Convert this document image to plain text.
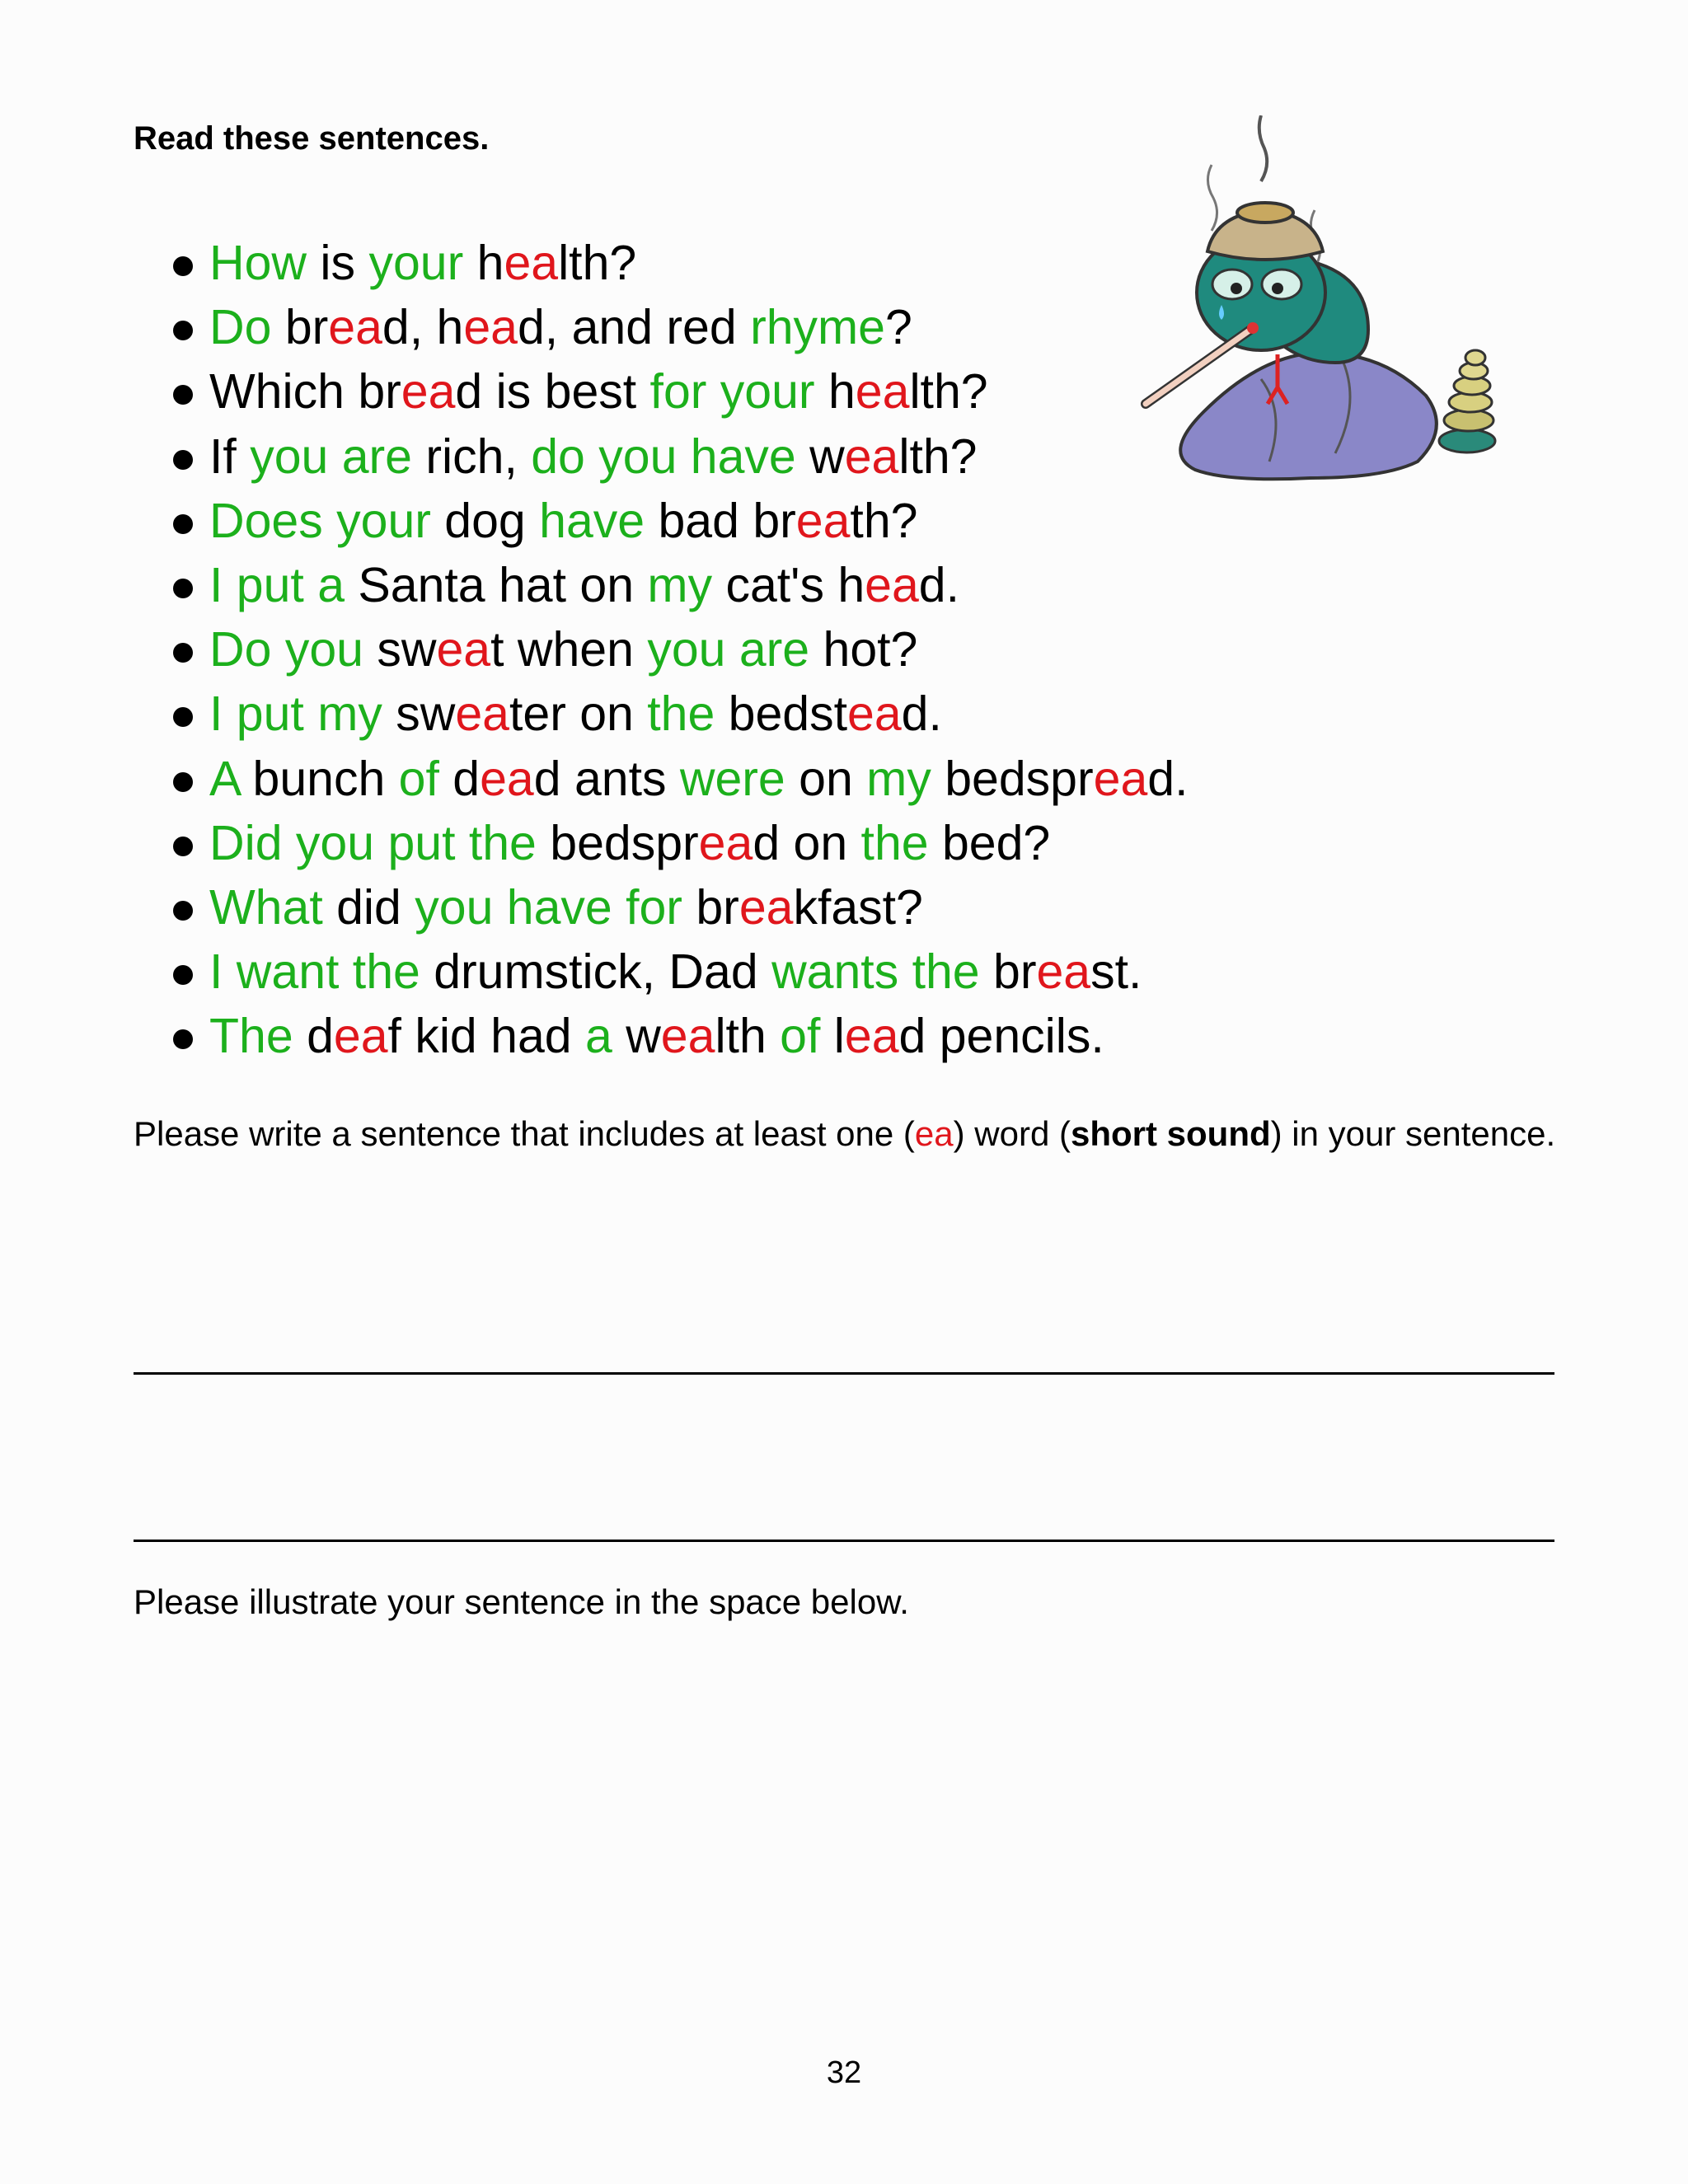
Read these sentences.

How is your health?
Do bread, head, and red rhyme?
Which bread is best for your health?
If you are rich, do you have wealth?
Does your dog have bad breath?
I put a Santa hat on my cat's head.
Do you sweat when you are hot?
I put my sweater on the bedstead.
A bunch of dead ants were on my bedspread.
Did you put the bedspread on the bed?
What did you have for breakfast?
I want the drumstick, Dad wants the breast.
The deaf kid had a wealth of lead pencils.

Please write a sentence that includes at least one (ea) word (short sound) in your sentence.

Please illustrate your sentence in the space below.

32
